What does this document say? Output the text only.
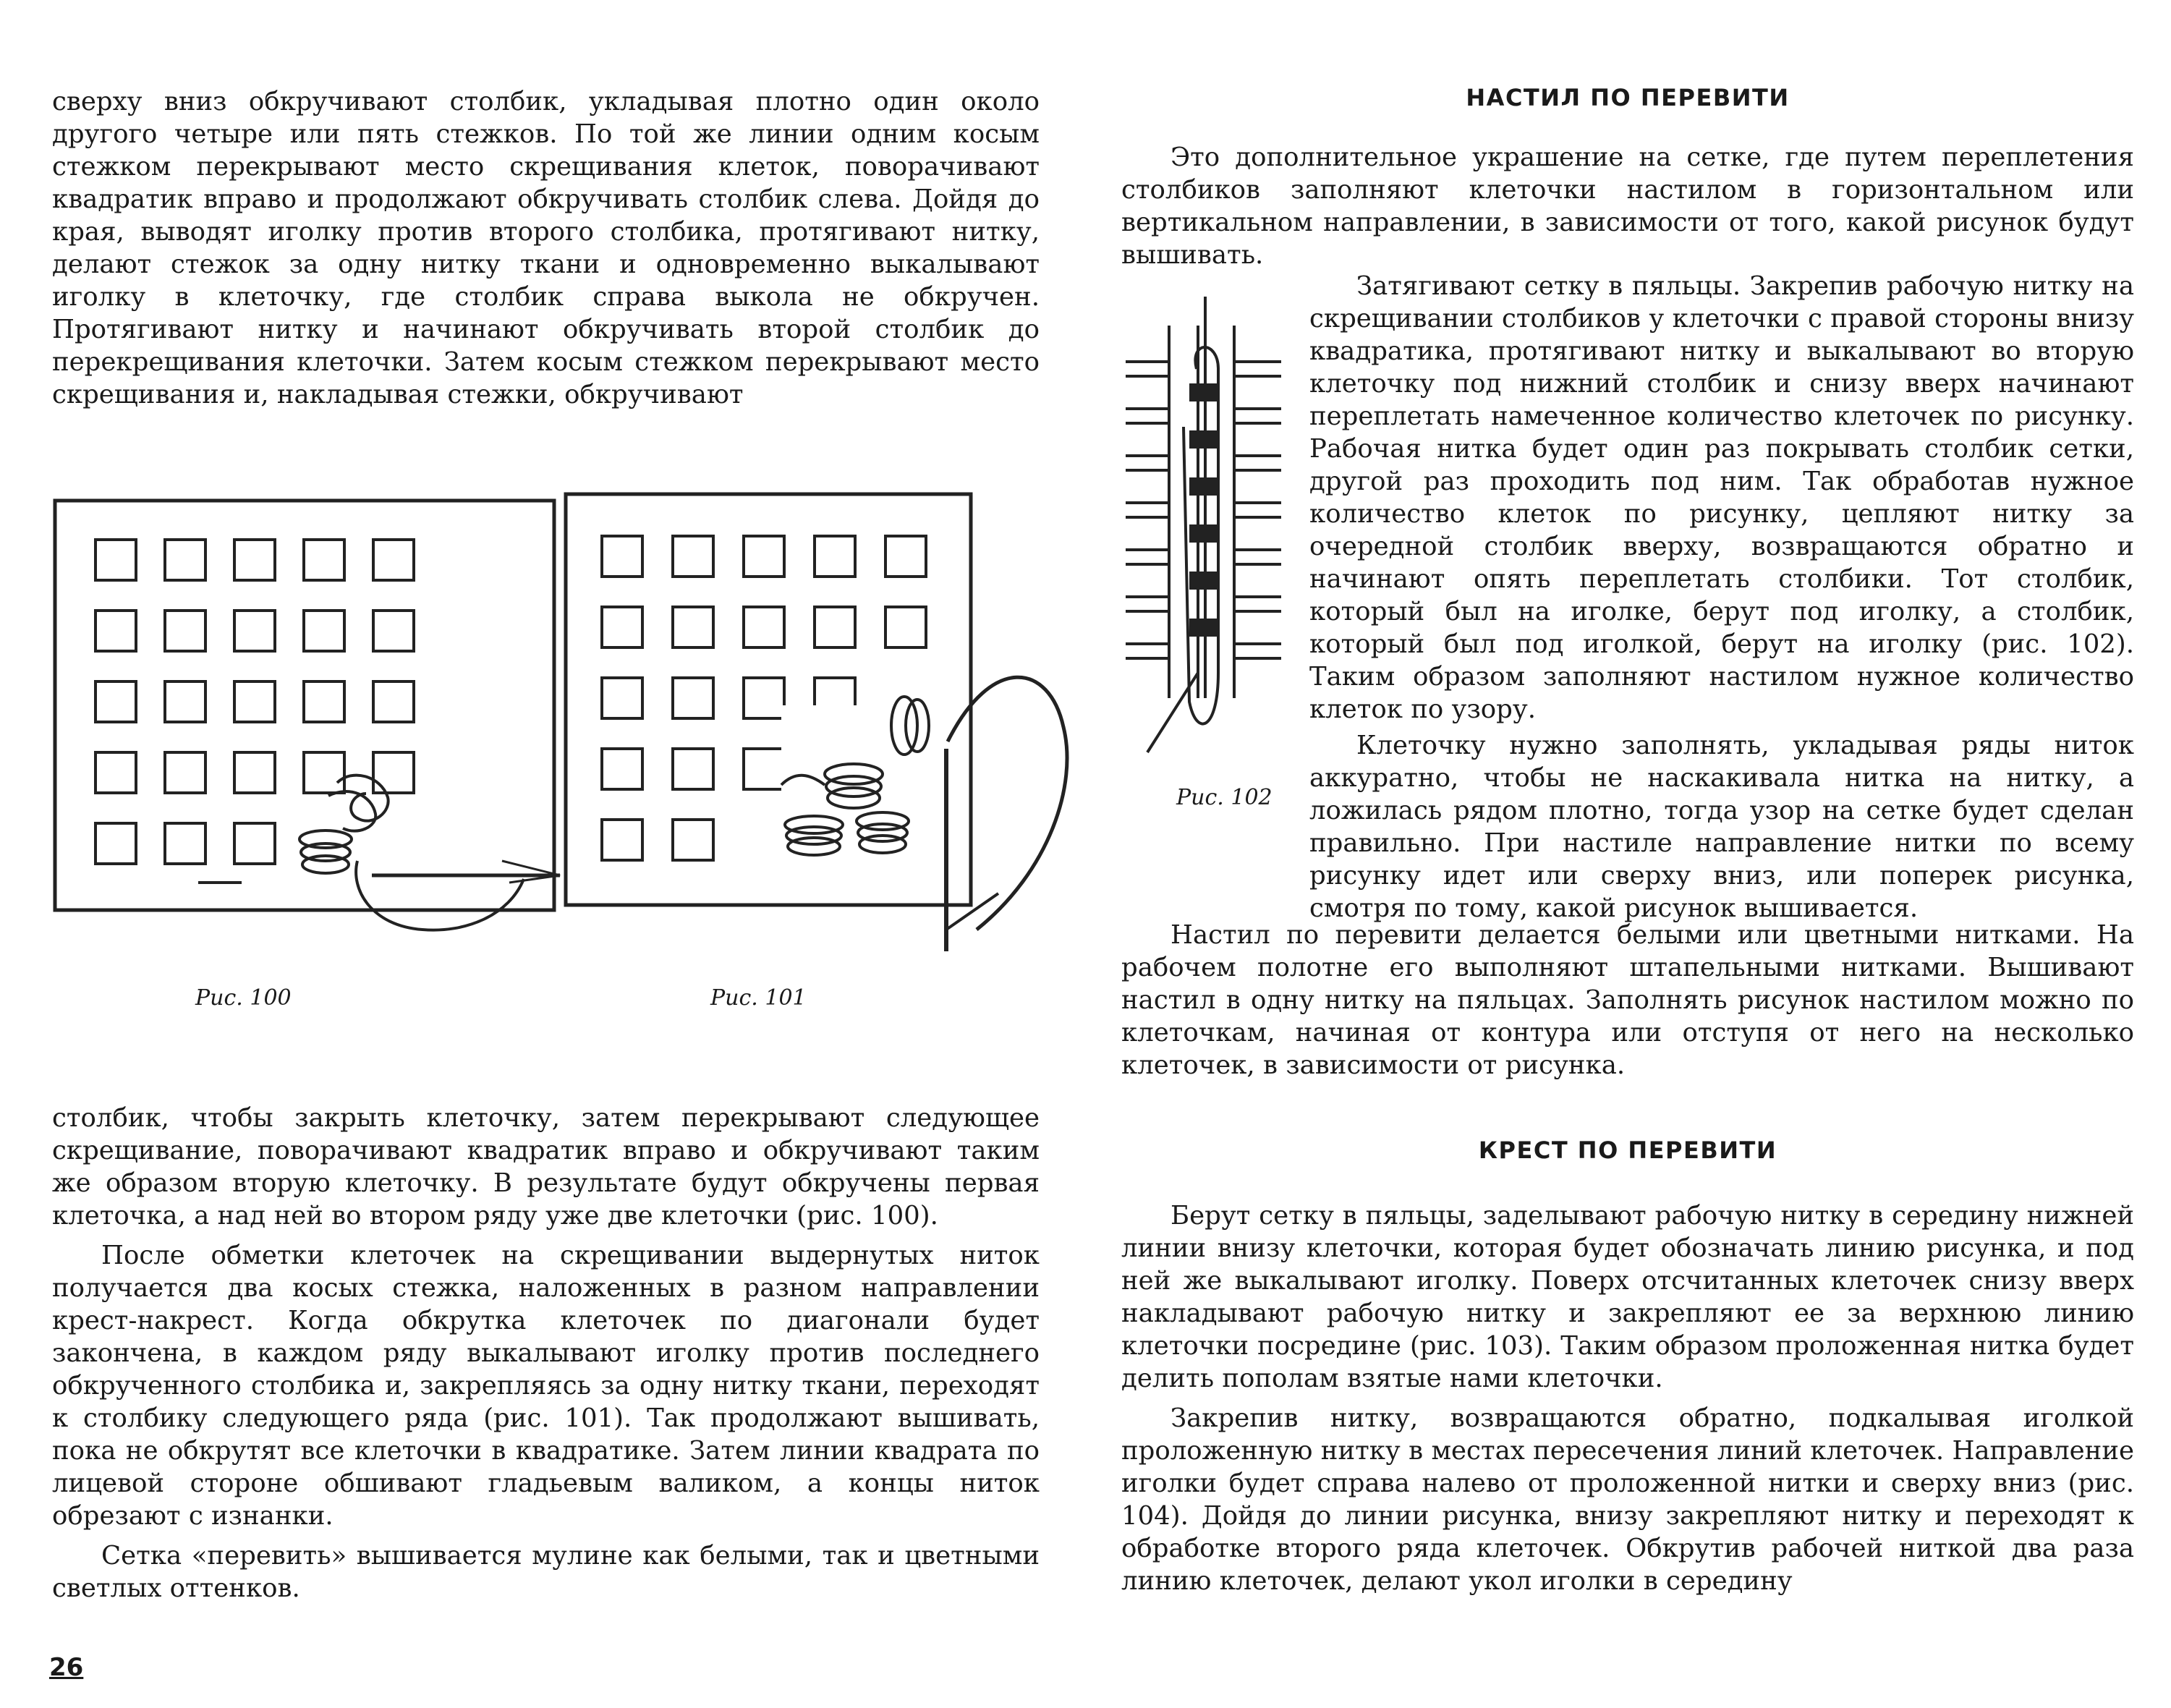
сверху вниз обкручивают столбик, укладывая плотно один около другого четыре или пять стежков. По той же линии одним косым стежком перекрывают место скрещивания клеток, поворачивают квадратик вправо и продолжают обкручивать столбик слева. Дойдя до края, выводят иголку против второго столбика, протягивают нитку, делают стежок за одну нитку ткани и одновременно выкалывают иголку в клеточку, где столбик справа выкола не обкручен. Протягивают нитку и начинают обкручивать второй столбик до перекрещивания клеточки. Затем косым стежком перекрывают место скрещивания и, накладывая стежки, обкручивают

Рис. 100	Рис. 101

столбик, чтобы закрыть клеточку, затем перекрывают следующее скрещивание, поворачивают квадратик вправо и обкручивают таким же образом вторую клеточку. В результате будут обкручены первая клеточка, а над ней во втором ряду уже две клеточки (рис. 100).

После обметки клеточек на скрещивании выдернутых ниток получается два косых стежка, наложенных в разном направлении крест-накрест. Когда обкрутка клеточек по диагонали будет закончена, в каждом ряду выкалывают иголку против последнего обкрученного столбика и, закрепляясь за одну нитку ткани, переходят к столбику следующего ряда (рис. 101). Так продолжают вышивать, пока не обкрутят все клеточки в квадратике. Затем линии квадрата по лицевой стороне обшивают гладьевым валиком, а концы ниток обрезают с изнанки.

Сетка «перевить» вышивается мулине как белыми, так и цветными светлых оттенков.

26
НАСТИЛ ПО ПЕРЕВИТИ

Это дополнительное украшение на сетке, где путем переплетения столбиков заполняют клеточки настилом в горизонтальном или вертикальном направлении, в зависимости от того, какой рисунок будут вышивать.

Рис. 102

Затягивают сетку в пяльцы. Закрепив рабочую нитку на скрещивании столбиков у клеточки с правой стороны внизу квадратика, протягивают нитку и выкалывают во вторую клеточку под нижний столбик и снизу вверх начинают переплетать намеченное количество клеточек по рисунку. Рабочая нитка будет один раз покрывать столбик сетки, другой раз проходить под ним. Так обработав нужное количество клеток по рисунку, цепляют нитку за очередной столбик вверху, возвращаются обратно и начинают опять переплетать столбики. Тот столбик, который был на иголке, берут под иголку, а столбик, который был под иголкой, берут на иголку (рис. 102). Таким образом заполняют настилом нужное количество клеток по узору.

Клеточку нужно заполнять, укладывая ряды ниток аккуратно, чтобы не наскакивала нитка на нитку, а ложилась рядом плотно, тогда узор на сетке будет сделан правильно. При настиле направление нитки по всему рисунку идет или сверху вниз, или поперек рисунка, смотря по тому, какой рисунок вышивается.

Настил по перевити делается белыми или цветными нитками. На рабочем полотне его выполняют штапельными нитками. Вышивают настил в одну нитку на пяльцах. Заполнять рисунок настилом можно по клеточкам, начиная от контура или отступя от него на несколько клеточек, в зависимости от рисунка.

КРЕСТ ПО ПЕРЕВИТИ

Берут сетку в пяльцы, заделывают рабочую нитку в середину нижней линии внизу клеточки, которая будет обозначать линию рисунка, и под ней же выкалывают иголку. Поверх отсчитанных клеточек снизу вверх накладывают рабочую нитку и закрепляют ее за верхнюю линию клеточки посредине (рис. 103). Таким образом проложенная нитка будет делить пополам взятые нами клеточки.

Закрепив нитку, возвращаются обратно, подкалывая иголкой проложенную нитку в местах пересечения линий клеточек. Направление иголки будет справа налево от проложенной нитки и сверху вниз (рис. 104). Дойдя до линии рисунка, внизу закрепляют нитку и переходят к обработке второго ряда клеточек. Обкрутив рабочей ниткой два раза линию клеточек, делают укол иголки в середину
